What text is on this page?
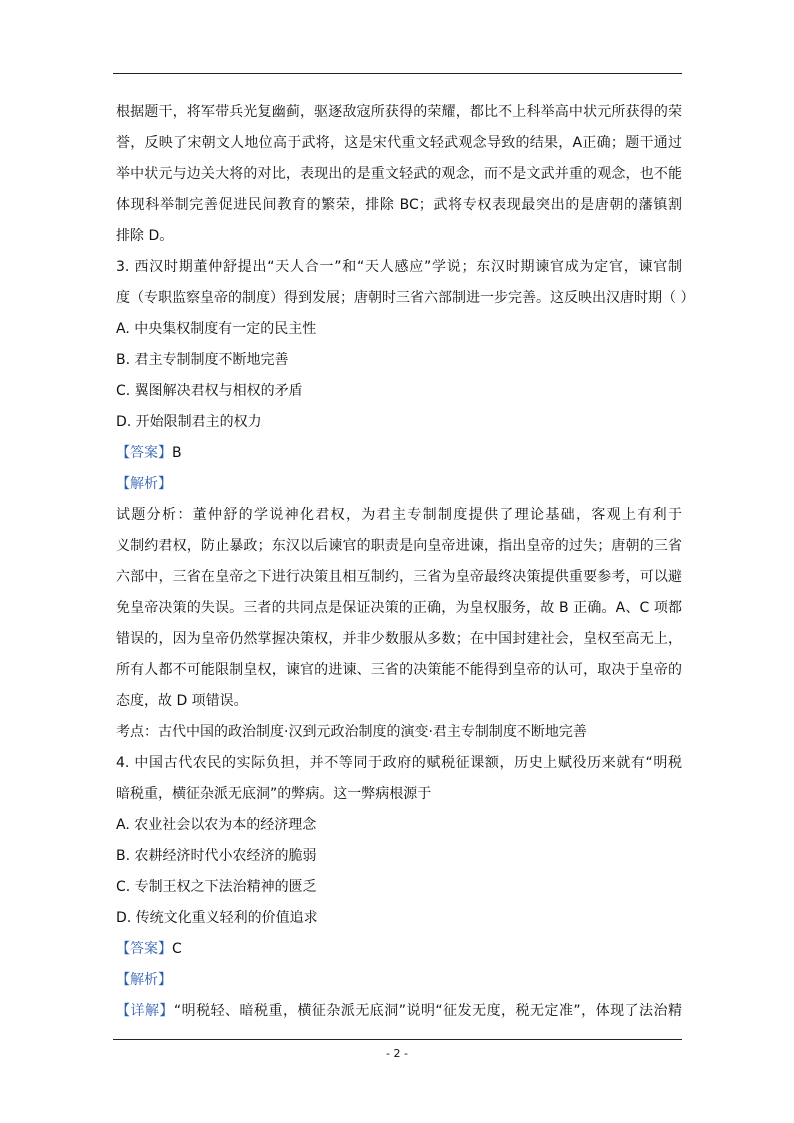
根据题干，将军带兵光复幽蓟，驱逐敌寇所获得的荣耀，都比不上科举高中状元所获得的荣
誉，反映了宋朝文人地位高于武将，这是宋代重文轻武观念导致的结果，A正确；题干通过
举中状元与边关大将的对比，表现出的是重文轻武的观念，而不是文武并重的观念，也不能
体现科举制完善促进民间教育的繁荣，排除 BC；武将专权表现最突出的是唐朝的藩镇割
排除 D。
3. 西汉时期董仲舒提出“天人合一”和“天人感应”学说；东汉时期谏官成为定官，谏官制
度（专职监察皇帝的制度）得到发展；唐朝时三省六部制进一步完善。这反映出汉唐时期（ ）
A. 中央集权制度有一定的民主性
B. 君主专制制度不断地完善
C. 翼图解决君权与相权的矛盾
D. 开始限制君主的权力
【答案】B
【解析】
试题分析：董仲舒的学说神化君权，为君主专制制度提供了理论基础，客观上有利于
义制约君权，防止暴政；东汉以后谏官的职责是向皇帝进谏，指出皇帝的过失；唐朝的三省
六部中，三省在皇帝之下进行决策且相互制约，三省为皇帝最终决策提供重要参考，可以避
免皇帝决策的失误。三者的共同点是保证决策的正确，为皇权服务，故 B 正确。A、C 项都
错误的，因为皇帝仍然掌握决策权，并非少数服从多数；在中国封建社会，皇权至高无上，
所有人都不可能限制皇权，谏官的进谏、三省的决策能不能得到皇帝的认可，取决于皇帝的
态度，故 D 项错误。
考点：古代中国的政治制度·汉到元政治制度的演变·君主专制制度不断地完善
4. 中国古代农民的实际负担，并不等同于政府的赋税征课额，历史上赋役历来就有“明税
暗税重，横征杂派无底洞”的弊病。这一弊病根源于
A. 农业社会以农为本的经济理念
B. 农耕经济时代小农经济的脆弱
C. 专制王权之下法治精神的匮乏
D. 传统文化重义轻利的价值追求
【答案】C
【解析】
【详解】“明税轻、暗税重，横征杂派无底洞”说明“征发无度，税无定准”，体现了法治精
- 2 -
